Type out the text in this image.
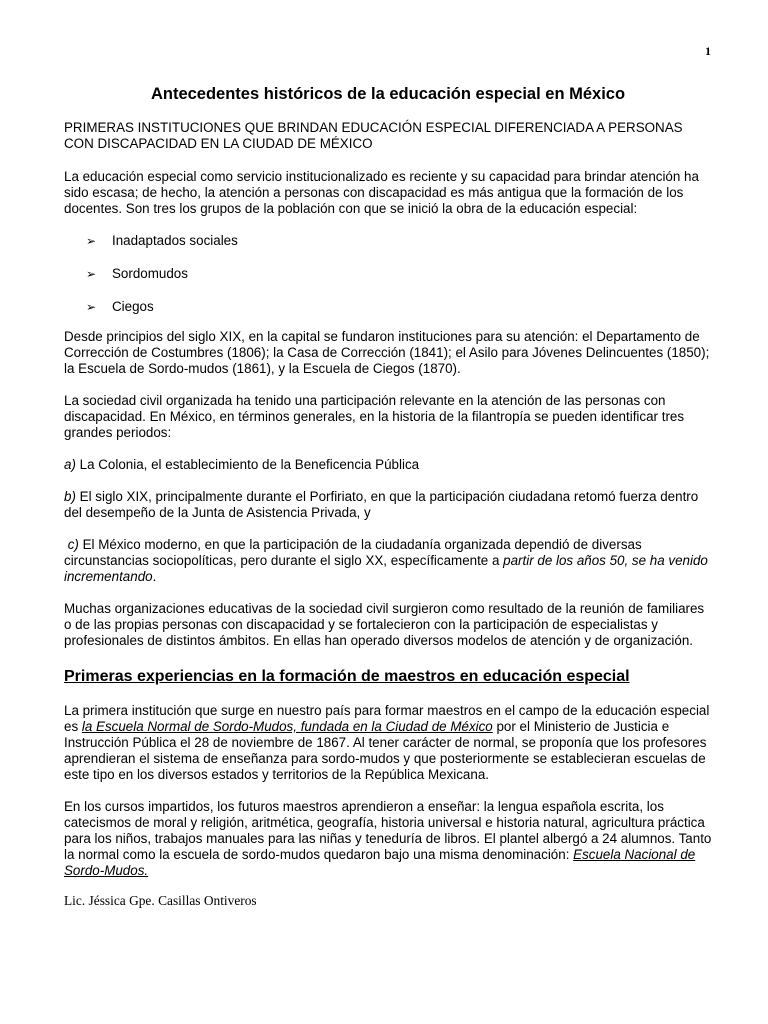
1
Antecedentes históricos de la educación especial en México

PRIMERAS INSTITUCIONES QUE BRINDAN EDUCACIÓN ESPECIAL DIFERENCIADA A PERSONAS CON DISCAPACIDAD EN LA CIUDAD DE MÉXICO

La educación especial como servicio institucionalizado es reciente y su capacidad para brindar atención ha sido escasa; de hecho, la atención a personas con discapacidad es más antigua que la formación de los docentes. Son tres los grupos de la población con que se inició la obra de la educación especial:

➢	Inadaptados sociales
➢	Sordomudos
➢	Ciegos

Desde principios del siglo XIX, en la capital se fundaron instituciones para su atención: el Departamento de Corrección de Costumbres (1806); la Casa de Corrección (1841); el Asilo para Jóvenes Delincuentes (1850); la Escuela de Sordo-mudos (1861), y la Escuela de Ciegos (1870).

La sociedad civil organizada ha tenido una participación relevante en la atención de las personas con discapacidad. En México, en términos generales, en la historia de la filantropía se pueden identificar tres grandes periodos:

a) La Colonia, el establecimiento de la Beneficencia Pública

b) El siglo XIX, principalmente durante el Porfiriato, en que la participación ciudadana retomó fuerza dentro del desempeño de la Junta de Asistencia Privada, y

c) El México moderno, en que la participación de la ciudadanía organizada dependió de diversas circunstancias sociopolíticas, pero durante el siglo XX, específicamente a partir de los años 50, se ha venido incrementando.

Muchas organizaciones educativas de la sociedad civil surgieron como resultado de la reunión de familiares o de las propias personas con discapacidad y se fortalecieron con la participación de especialistas y profesionales de distintos ámbitos. En ellas han operado diversos modelos de atención y de organización.

Primeras experiencias en la formación de maestros en educación especial

La primera institución que surge en nuestro país para formar maestros en el campo de la educación especial es la Escuela Normal de Sordo-Mudos, fundada en la Ciudad de México por el Ministerio de Justicia e Instrucción Pública el 28 de noviembre de 1867. Al tener carácter de normal, se proponía que los profesores aprendieran el sistema de enseñanza para sordo-mudos y que posteriormente se establecieran escuelas de este tipo en los diversos estados y territorios de la República Mexicana.

En los cursos impartidos, los futuros maestros aprendieron a enseñar: la lengua española escrita, los catecismos de moral y religión, aritmética, geografía, historia universal e historia natural, agricultura práctica para los niños, trabajos manuales para las niñas y teneduría de libros. El plantel albergó a 24 alumnos. Tanto la normal como la escuela de sordo-mudos quedaron bajo una misma denominación: Escuela Nacional de Sordo-Mudos.

Lic. Jéssica Gpe. Casillas Ontiveros
